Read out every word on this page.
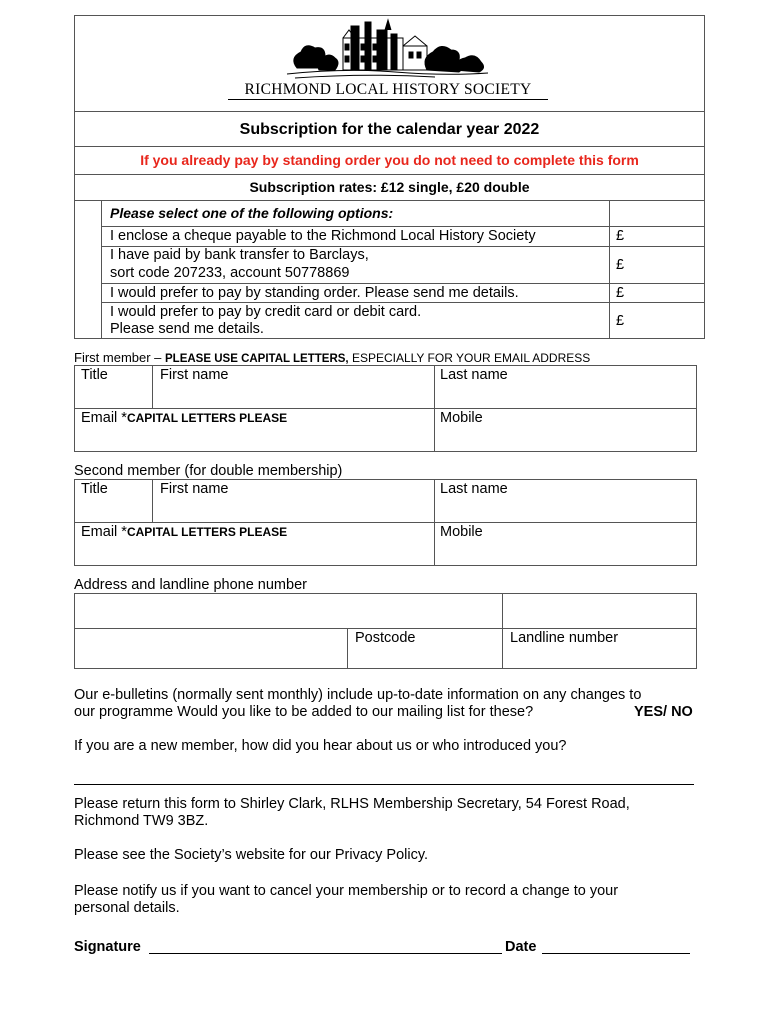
RICHMOND LOCAL HISTORY SOCIETY
Subscription for the calendar year 2022
If you already pay by standing order you do not need to complete this form
Subscription rates: £12 single, £20 double
Please select one of the following options:
I enclose a cheque payable to the Richmond Local History Society	£
I have paid by bank transfer to Barclays,
sort code 207233, account 50778869	£
I would prefer to pay by standing order. Please send me details.	£
I would prefer to pay by credit card or debit card.
Please send me details.	£
First member – PLEASE USE CAPITAL LETTERS, ESPECIALLY FOR YOUR EMAIL ADDRESS
Title	First name	Last name
Email *CAPITAL LETTERS PLEASE	Mobile
Second member (for double membership)
Title	First name	Last name
Email *CAPITAL LETTERS PLEASE	Mobile
Address and landline phone number
Postcode	Landline number
Our e-bulletins (normally sent monthly) include up-to-date information on any changes to
our programme Would you like to be added to our mailing list for these?	YES/ NO
If you are a new member, how did you hear about us or who introduced you?
Please return this form to Shirley Clark, RLHS Membership Secretary, 54 Forest Road,
Richmond TW9 3BZ.
Please see the Society’s website for our Privacy Policy.
Please notify us if you want to cancel your membership or to record a change to your
personal details.
Signature	Date
